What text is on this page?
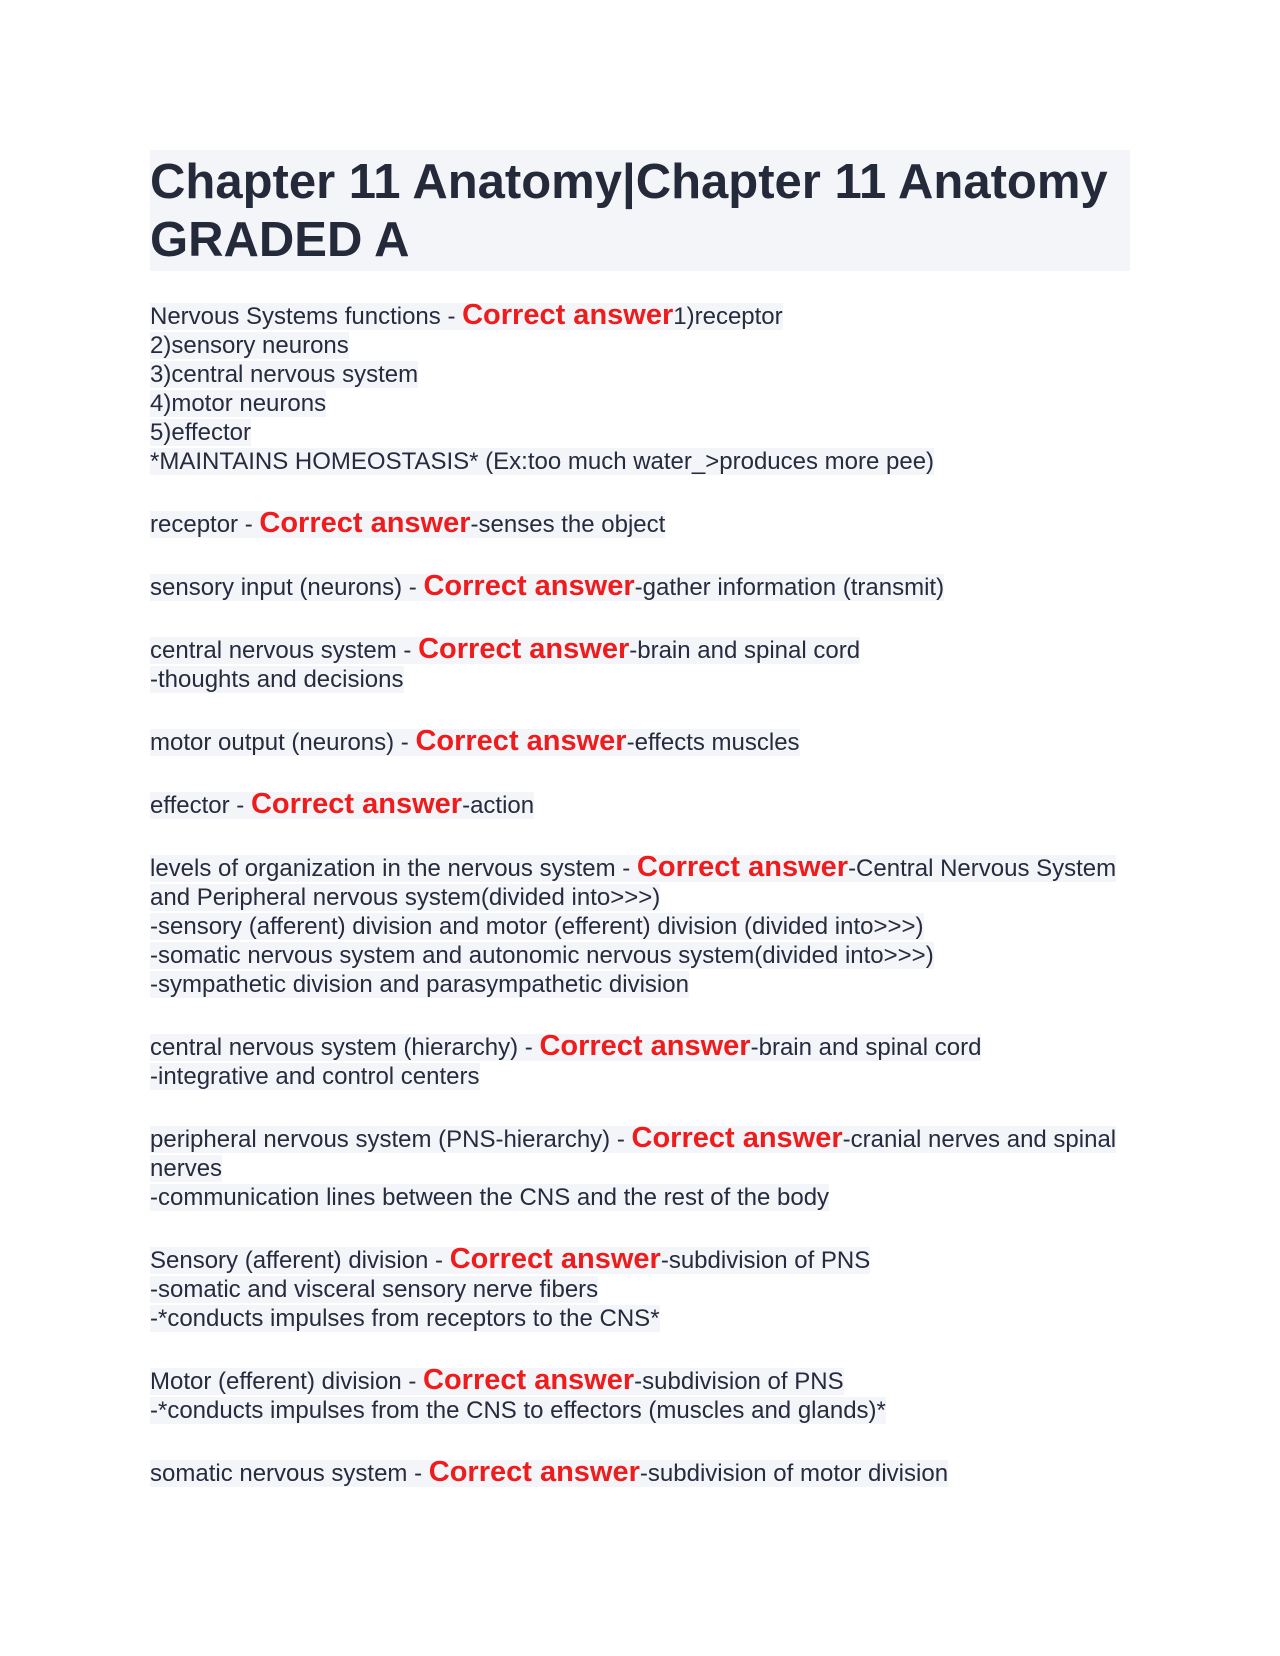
Chapter 11 Anatomy|Chapter 11 Anatomy GRADED A
Nervous Systems functions - Correct answer1)receptor
2)sensory neurons
3)central nervous system
4)motor neurons
5)effector
*MAINTAINS HOMEOSTASIS* (Ex:too much water_>produces more pee)
receptor - Correct answer-senses the object
sensory input (neurons) - Correct answer-gather information (transmit)
central nervous system - Correct answer-brain and spinal cord
-thoughts and decisions
motor output (neurons) - Correct answer-effects muscles
effector - Correct answer-action
levels of organization in the nervous system - Correct answer-Central Nervous System and Peripheral nervous system(divided into>>>)
-sensory (afferent) division and motor (efferent) division (divided into>>>)
-somatic nervous system and autonomic nervous system(divided into>>>)
-sympathetic division and parasympathetic division
central nervous system (hierarchy) - Correct answer-brain and spinal cord
-integrative and control centers
peripheral nervous system (PNS-hierarchy) - Correct answer-cranial nerves and spinal nerves
-communication lines between the CNS and the rest of the body
Sensory (afferent) division - Correct answer-subdivision of PNS
-somatic and visceral sensory nerve fibers
-*conducts impulses from receptors to the CNS*
Motor (efferent) division - Correct answer-subdivision of PNS
-*conducts impulses from the CNS to effectors (muscles and glands)*
somatic nervous system - Correct answer-subdivision of motor division
